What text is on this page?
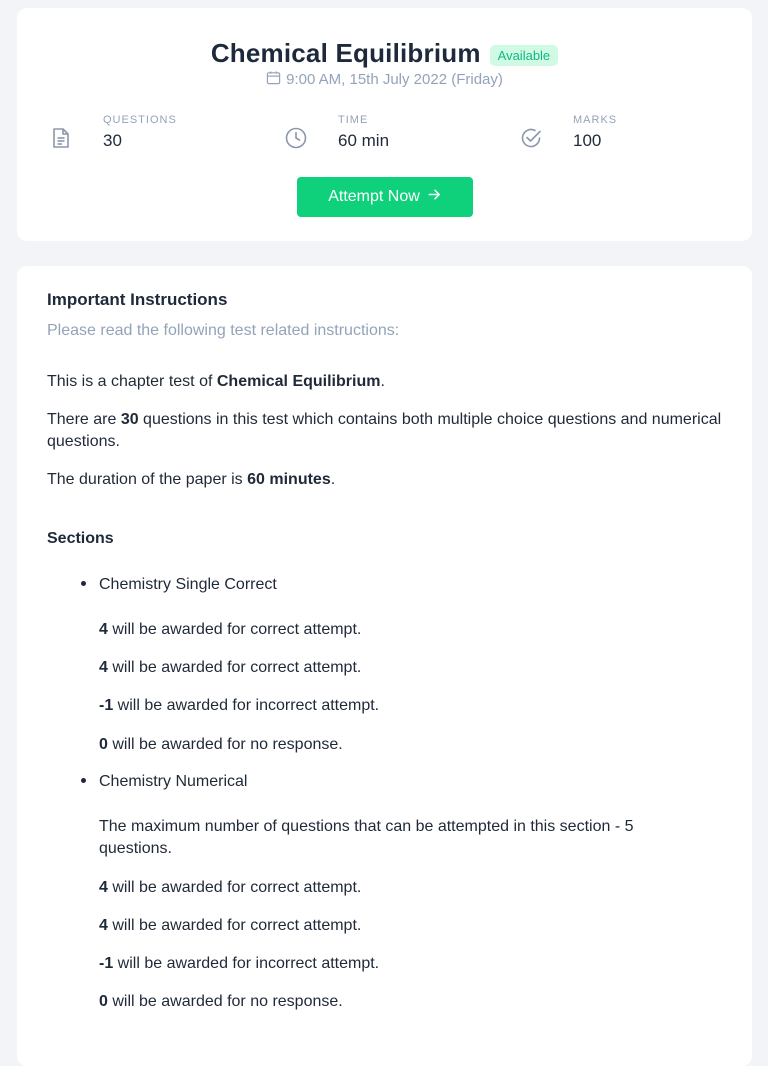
Chemical Equilibrium	Available
9:00 AM, 15th July 2022 (Friday)
QUESTIONS
30
TIME
60 min
MARKS
100
Attempt Now
Important Instructions
Please read the following test related instructions:
This is a chapter test of Chemical Equilibrium.
There are 30 questions in this test which contains both multiple choice questions and numerical questions.
The duration of the paper is 60 minutes.
Sections
Chemistry Single Correct
4 will be awarded for correct attempt.
4 will be awarded for correct attempt.
-1 will be awarded for incorrect attempt.
0 will be awarded for no response.
Chemistry Numerical
The maximum number of questions that can be attempted in this section - 5 questions.
4 will be awarded for correct attempt.
4 will be awarded for correct attempt.
-1 will be awarded for incorrect attempt.
0 will be awarded for no response.
